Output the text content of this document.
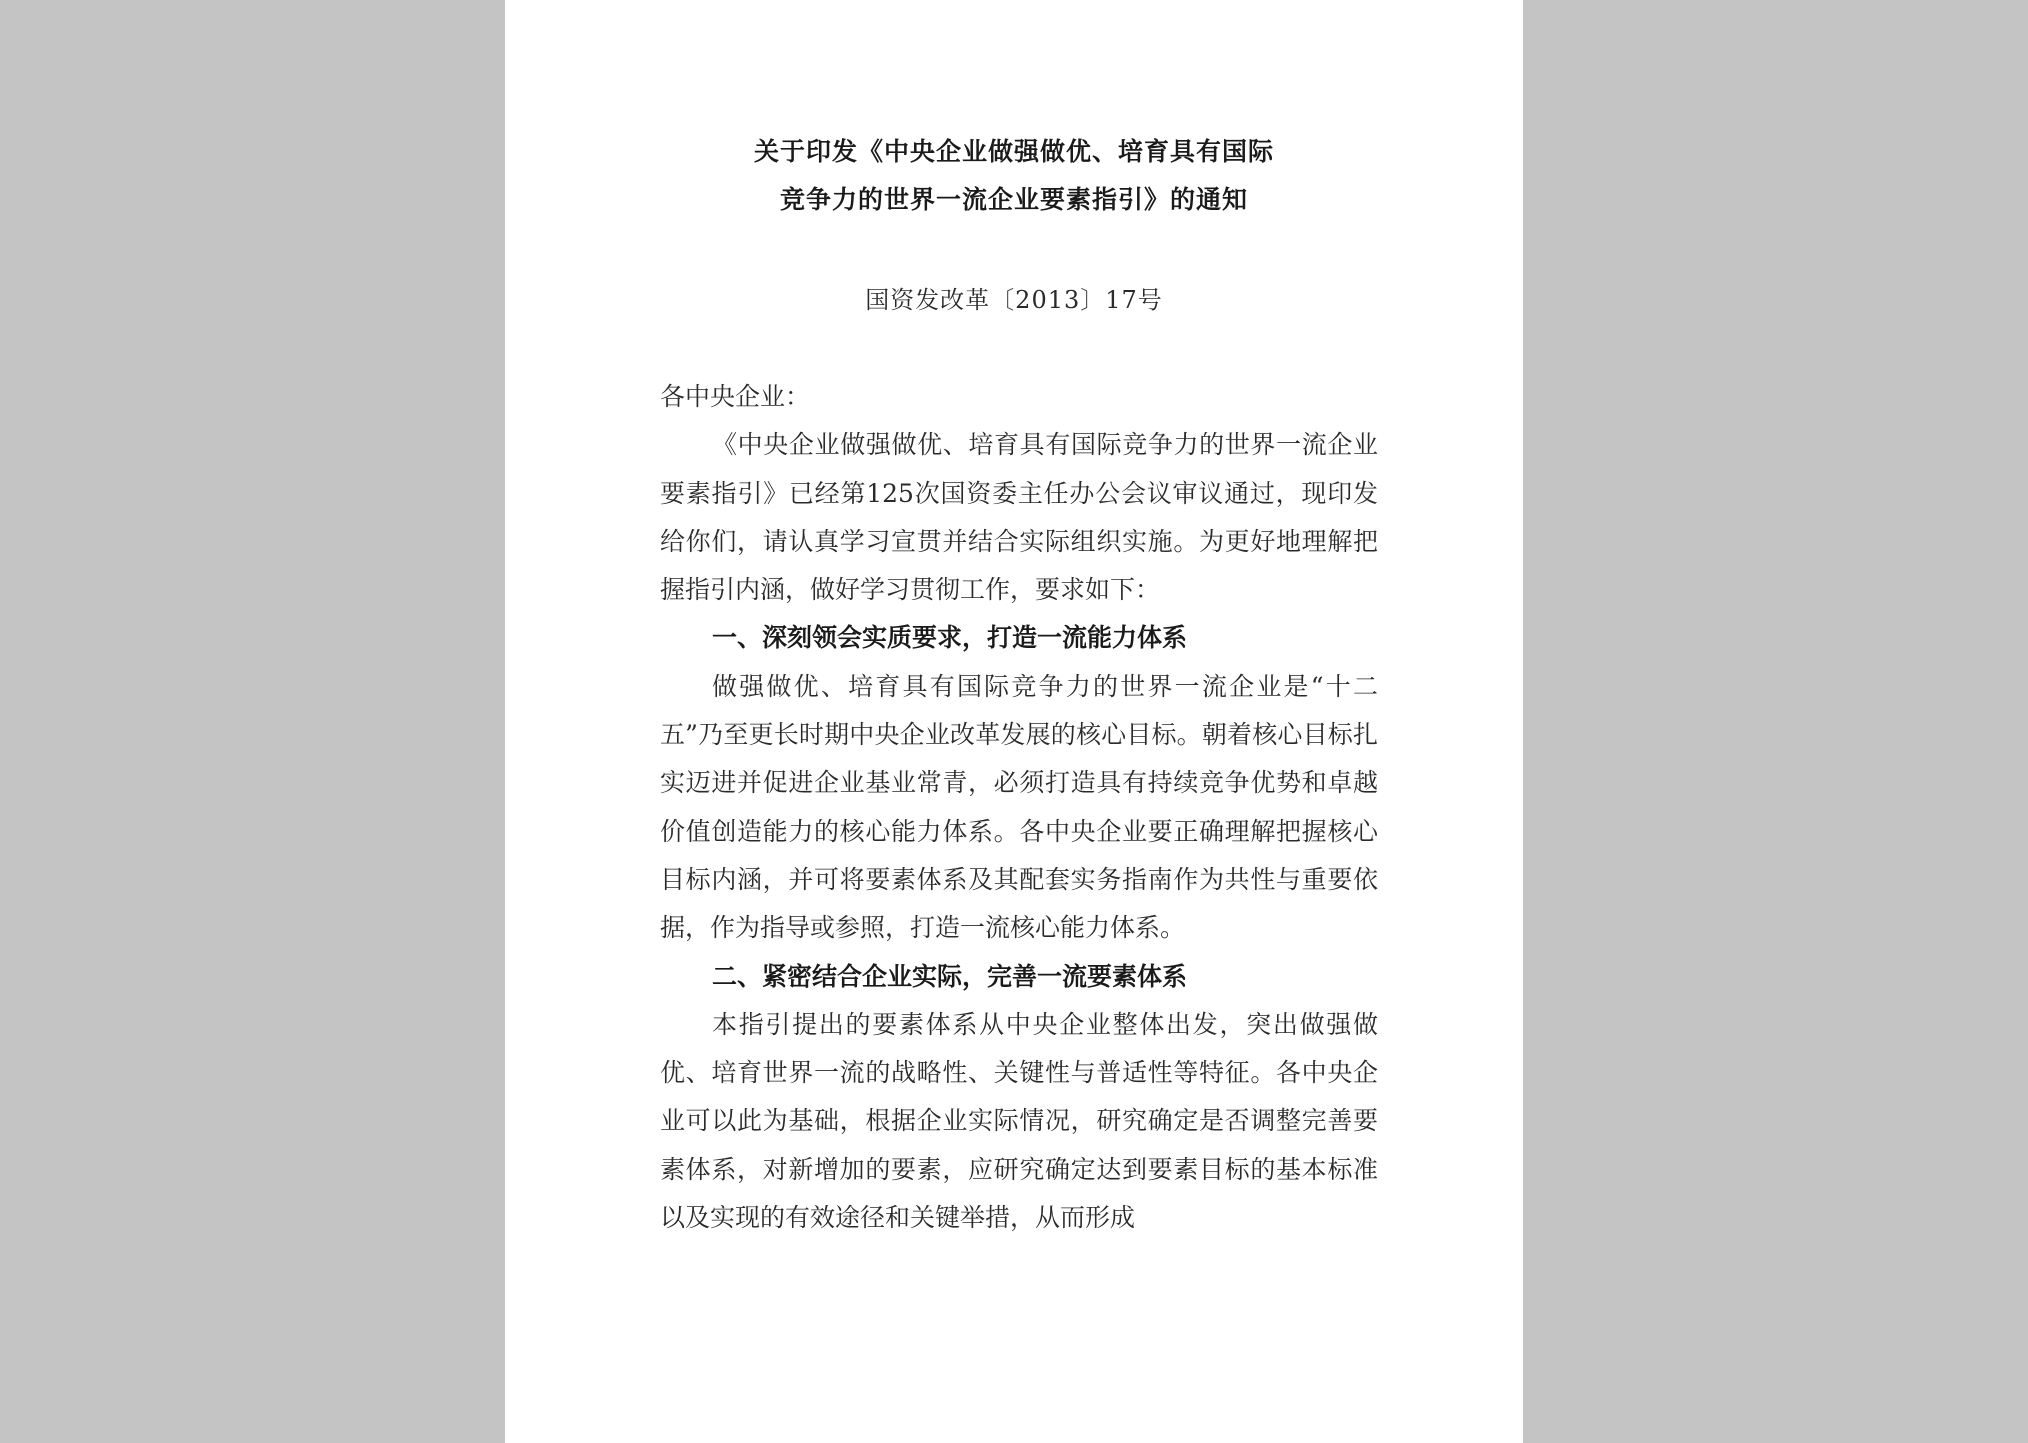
关于印发《中央企业做强做优、培育具有国际
竞争力的世界一流企业要素指引》的通知
国资发改革〔2013〕17号

各中央企业：

《中央企业做强做优、培育具有国际竞争力的世界一流企业要素指引》已经第125次国资委主任办公会议审议通过，现印发给你们，请认真学习宣贯并结合实际组织实施。为更好地理解把握指引内涵，做好学习贯彻工作，要求如下：

一、深刻领会实质要求，打造一流能力体系

做强做优、培育具有国际竞争力的世界一流企业是“十二五”乃至更长时期中央企业改革发展的核心目标。朝着核心目标扎实迈进并促进企业基业常青，必须打造具有持续竞争优势和卓越价值创造能力的核心能力体系。各中央企业要正确理解把握核心目标内涵，并可将要素体系及其配套实务指南作为共性与重要依据，作为指导或参照，打造一流核心能力体系。

二、紧密结合企业实际，完善一流要素体系

本指引提出的要素体系从中央企业整体出发，突出做强做优、培育世界一流的战略性、关键性与普适性等特征。各中央企业可以此为基础，根据企业实际情况，研究确定是否调整完善要素体系，对新增加的要素，应研究确定达到要素目标的基本标准以及实现的有效途径和关键举措，从而形成
